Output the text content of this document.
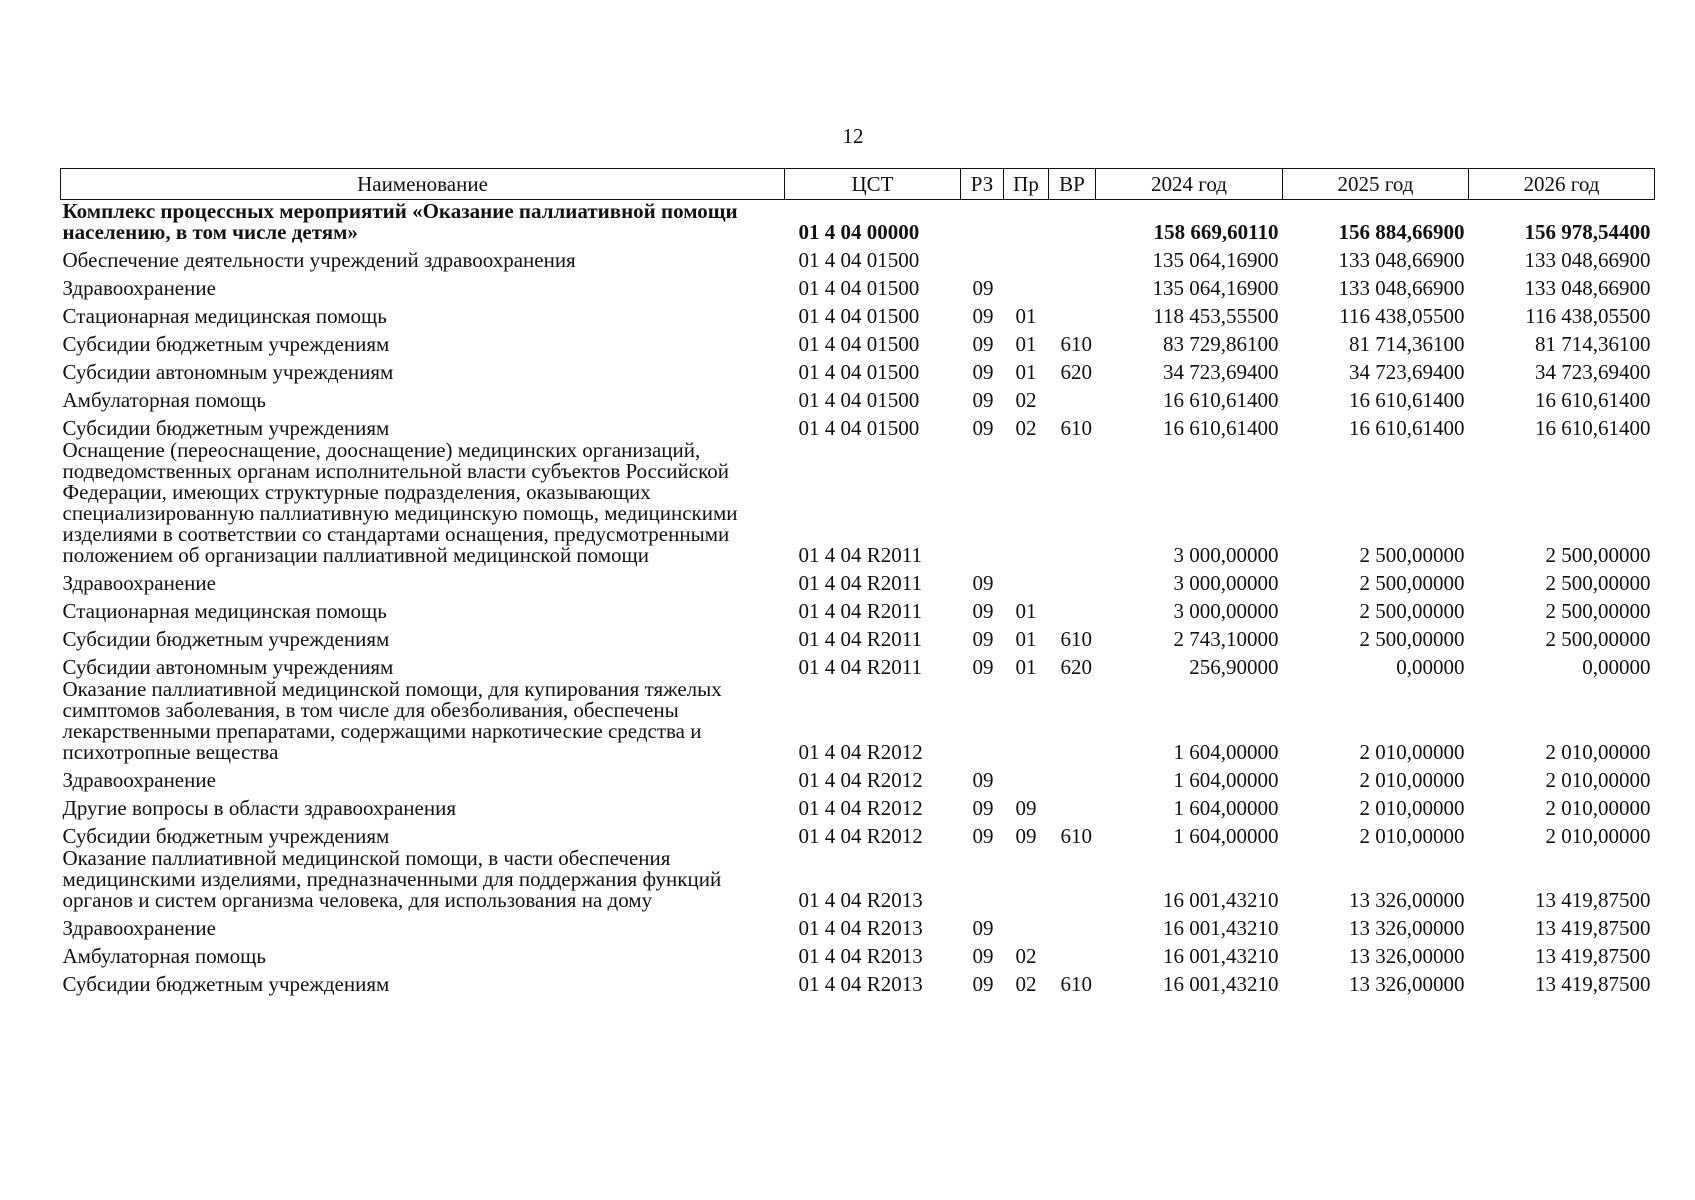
12
Наименование	ЦСТ	РЗ	Пр	ВР	2024 год	2025 год	2026 год
Комплекс процессных мероприятий «Оказание паллиативной помощи населению, в том числе детям»	01 4 04 00000				158 669,60110	156 884,66900	156 978,54400
Обеспечение деятельности учреждений здравоохранения	01 4 04 01500				135 064,16900	133 048,66900	133 048,66900
Здравоохранение	01 4 04 01500	09			135 064,16900	133 048,66900	133 048,66900
Стационарная медицинская помощь	01 4 04 01500	09	01		118 453,55500	116 438,05500	116 438,05500
Субсидии бюджетным учреждениям	01 4 04 01500	09	01	610	83 729,86100	81 714,36100	81 714,36100
Субсидии автономным учреждениям	01 4 04 01500	09	01	620	34 723,69400	34 723,69400	34 723,69400
Амбулаторная помощь	01 4 04 01500	09	02		16 610,61400	16 610,61400	16 610,61400
Субсидии бюджетным учреждениям	01 4 04 01500	09	02	610	16 610,61400	16 610,61400	16 610,61400
Оснащение (переоснащение, дооснащение) медицинских организаций, подведомственных органам исполнительной власти субъектов Российской Федерации, имеющих структурные подразделения, оказывающих специализированную паллиативную медицинскую помощь, медицинскими изделиями в соответствии со стандартами оснащения, предусмотренными положением об организации паллиативной медицинской помощи	01 4 04 R2011				3 000,00000	2 500,00000	2 500,00000
Здравоохранение	01 4 04 R2011	09			3 000,00000	2 500,00000	2 500,00000
Стационарная медицинская помощь	01 4 04 R2011	09	01		3 000,00000	2 500,00000	2 500,00000
Субсидии бюджетным учреждениям	01 4 04 R2011	09	01	610	2 743,10000	2 500,00000	2 500,00000
Субсидии автономным учреждениям	01 4 04 R2011	09	01	620	256,90000	0,00000	0,00000
Оказание паллиативной медицинской помощи, для купирования тяжелых симптомов заболевания, в том числе для обезболивания, обеспечены лекарственными препаратами, содержащими наркотические средства и психотропные вещества	01 4 04 R2012				1 604,00000	2 010,00000	2 010,00000
Здравоохранение	01 4 04 R2012	09			1 604,00000	2 010,00000	2 010,00000
Другие вопросы в области здравоохранения	01 4 04 R2012	09	09		1 604,00000	2 010,00000	2 010,00000
Субсидии бюджетным учреждениям	01 4 04 R2012	09	09	610	1 604,00000	2 010,00000	2 010,00000
Оказание паллиативной медицинской помощи, в части обеспечения медицинскими изделиями, предназначенными для поддержания функций органов и систем организма человека, для использования на дому	01 4 04 R2013				16 001,43210	13 326,00000	13 419,87500
Здравоохранение	01 4 04 R2013	09			16 001,43210	13 326,00000	13 419,87500
Амбулаторная помощь	01 4 04 R2013	09	02		16 001,43210	13 326,00000	13 419,87500
Субсидии бюджетным учреждениям	01 4 04 R2013	09	02	610	16 001,43210	13 326,00000	13 419,87500
